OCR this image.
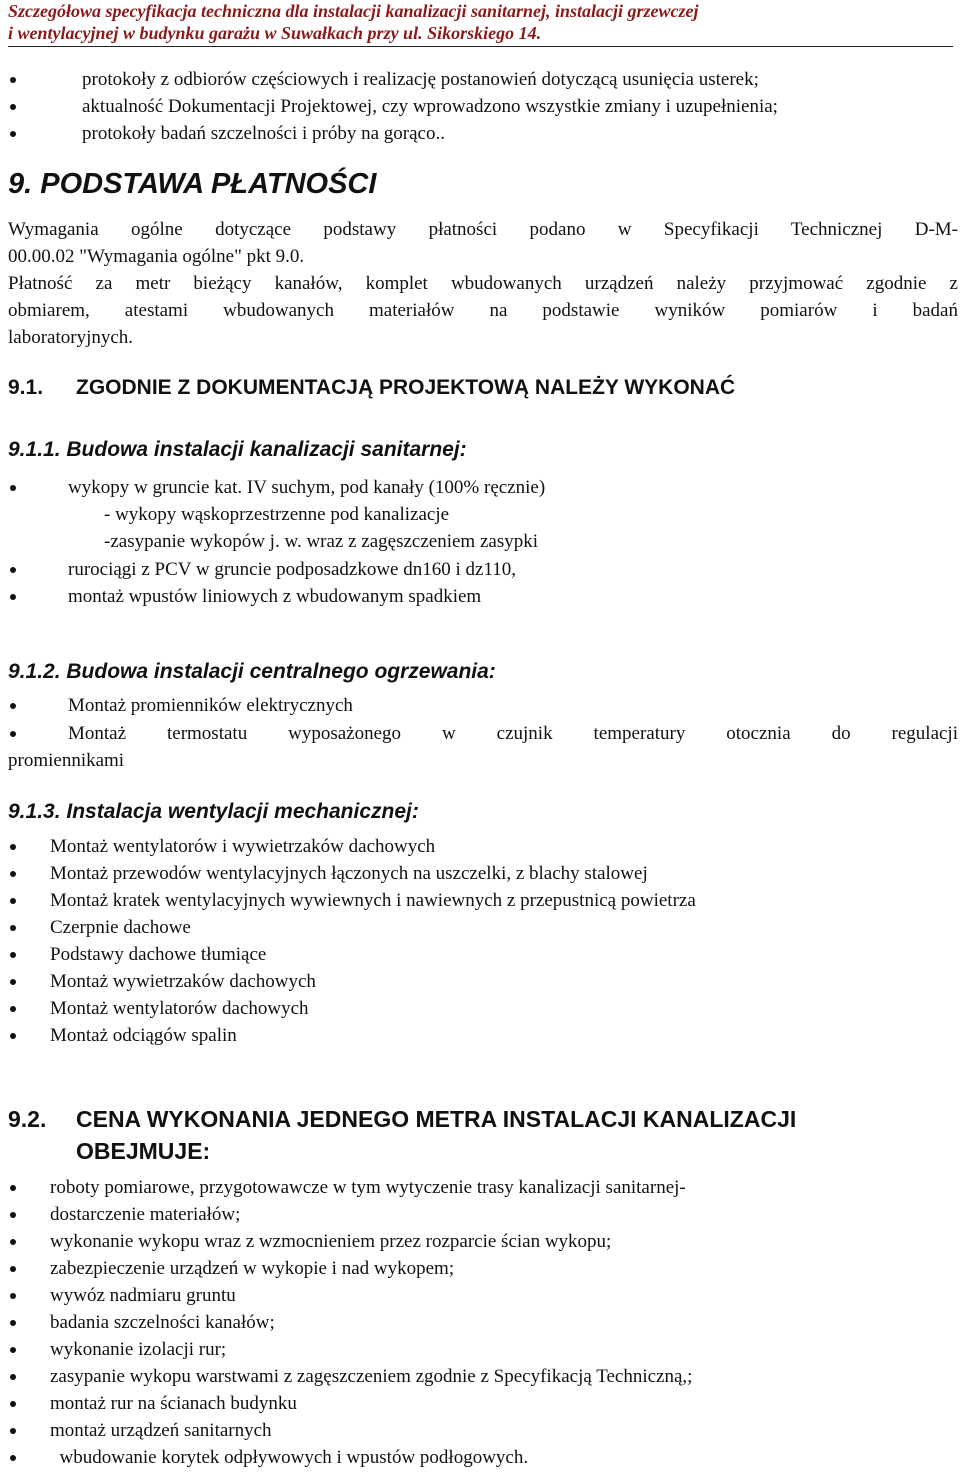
Szczegółowa specyfikacja techniczna dla instalacji kanalizacji sanitarnej, instalacji grzewczej
i wentylacyjnej w budynku garażu w Suwałkach przy ul. Sikorskiego 14.
protokoły z odbiorów częściowych i realizację postanowień dotyczącą usunięcia usterek;
aktualność Dokumentacji Projektowej, czy wprowadzono wszystkie zmiany i uzupełnienia;
protokoły badań szczelności i próby na gorąco..
9. PODSTAWA PŁATNOŚCI
Wymagania ogólne dotyczące podstawy płatności podano w Specyfikacji Technicznej D-M-
00.00.02 "Wymagania ogólne" pkt 9.0.
Płatność za metr bieżący kanałów, komplet wbudowanych urządzeń należy przyjmować zgodnie z
obmiarem, atestami wbudowanych materiałów na podstawie wyników pomiarów i badań
laboratoryjnych.
9.1. ZGODNIE Z DOKUMENTACJĄ PROJEKTOWĄ NALEŻY WYKONAĆ
9.1.1. Budowa instalacji kanalizacji sanitarnej:
wykopy w gruncie kat. IV suchym, pod kanały (100% ręcznie)
- wykopy wąskoprzestrzenne pod kanalizacje
-zasypanie wykopów j. w. wraz z zagęszczeniem zasypki
rurociągi z PCV w gruncie podposadzkowe dn160 i dz110,
montaż wpustów liniowych z wbudowanym spadkiem
9.1.2. Budowa instalacji centralnego ogrzewania:
Montaż promienników elektrycznych
Montaż termostatu wyposażonego w czujnik temperatury otocznia do regulacji
promiennikami
9.1.3. Instalacja wentylacji mechanicznej:
Montaż wentylatorów i wywietrzaków dachowych
Montaż przewodów wentylacyjnych łączonych na uszczelki, z blachy stalowej
Montaż kratek wentylacyjnych wywiewnych i nawiewnych z przepustnicą powietrza
Czerpnie dachowe
Podstawy dachowe tłumiące
Montaż wywietrzaków dachowych
Montaż wentylatorów dachowych
Montaż odciągów spalin
9.2. CENA WYKONANIA JEDNEGO METRA INSTALACJI KANALIZACJI
OBEJMUJE:
roboty pomiarowe, przygotowawcze w tym wytyczenie trasy kanalizacji sanitarnej-
dostarczenie materiałów;
wykonanie wykopu wraz z wzmocnieniem przez rozparcie ścian wykopu;
zabezpieczenie urządzeń w wykopie i nad wykopem;
wywóz nadmiaru gruntu
badania szczelności kanałów;
wykonanie izolacji rur;
zasypanie wykopu warstwami z zagęszczeniem zgodnie z Specyfikacją Techniczną,;
montaż rur na ścianach budynku
montaż urządzeń sanitarnych
wbudowanie korytek odpływowych i wpustów podłogowych.
